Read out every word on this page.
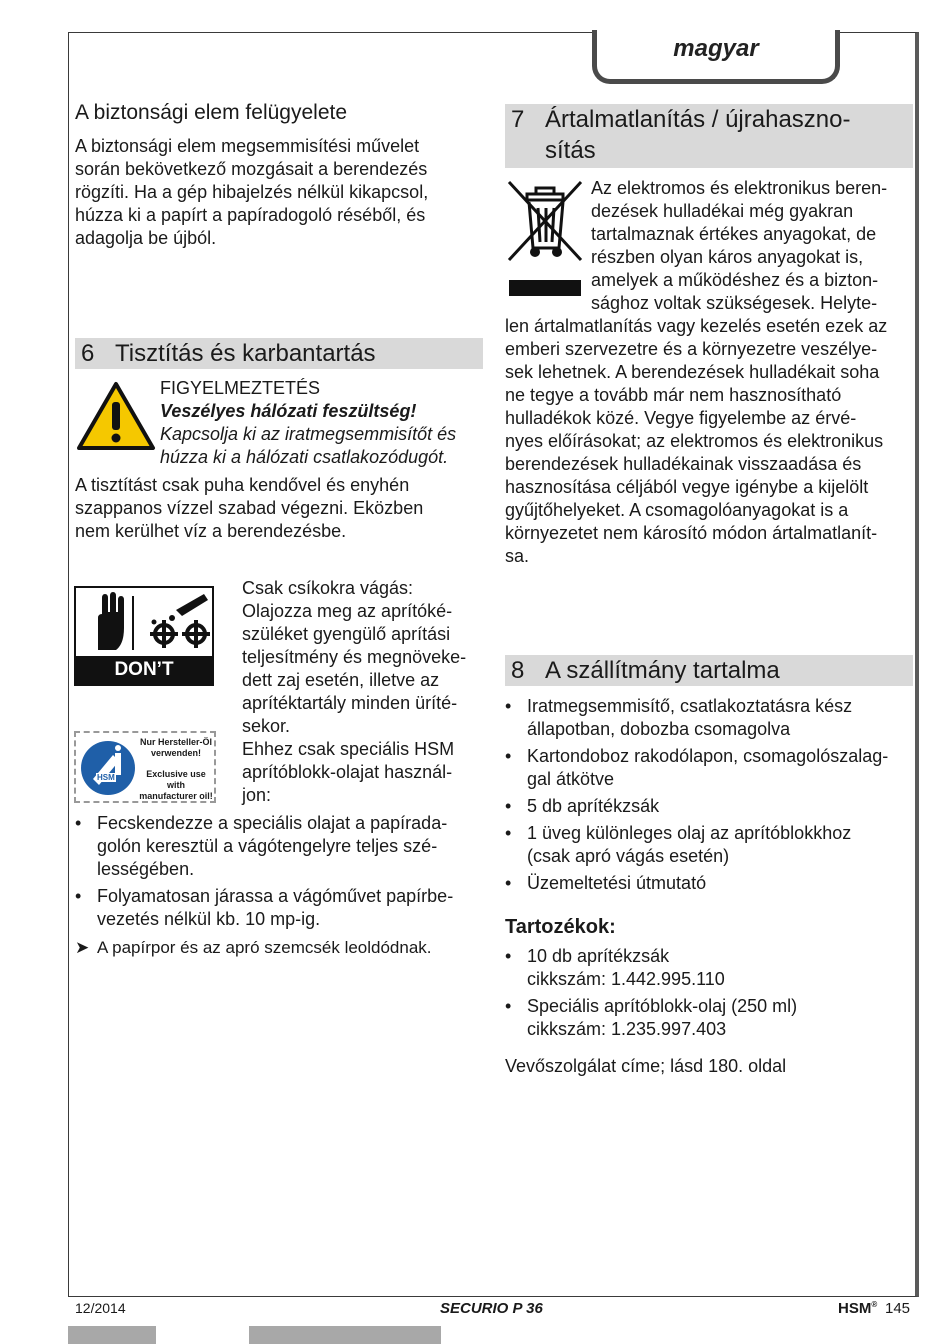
magyar
A biztonsági elem felügyelete
A biztonsági elem megsemmisítési művelet
során bekövetkező mozgásait a berendezés
rögzíti. Ha a gép hibajelzés nélkül kikapcsol,
húzza ki a papírt a papíradogoló réséből, és
adagolja be újból.
6 Tisztítás és karbantartás
FIGYELMEZTETÉS
Veszélyes hálózati feszültség!
Kapcsolja ki az iratmegsemmisítőt és
húzza ki a hálózati csatlakozódugót.
A tisztítást csak puha kendővel és enyhén
szappanos vízzel szabad végezni. Eközben
nem kerülhet víz a berendezésbe.
DON’T FORGET
Nur Hersteller-Öl
verwenden!
Exclusive use with
manufacturer oil!
HSM
Csak csíkokra vágás:
Olajozza meg az aprítóké-
szüléket gyengülő aprítási
teljesítmény és megnöveke-
dett zaj esetén, illetve az
aprítéktartály minden üríté-
sekor.
Ehhez csak speciális HSM
aprítóblokk-olajat használ-
jon:
• Fecskendezze a speciális olajat a papírada-
golón keresztül a vágótengelyre teljes szé-
lességében.
• Folyamatosan járassa a vágóművet papírbe-
vezetés nélkül kb. 10 mp-ig.
➤ A papírpor és az apró szemcsék leoldódnak.
7 Ártalmatlanítás / újrahaszno-
sítás
Az elektromos és elektronikus beren-
dezések hulladékai még gyakran
tartalmaznak értékes anyagokat, de
részben olyan káros anyagokat is,
amelyek a működéshez és a bizton-
sághoz voltak szükségesek. Helyte-
len ártalmatlanítás vagy kezelés esetén ezek az
emberi szervezetre és a környezetre veszélye-
sek lehetnek. A berendezések hulladékait soha
ne tegye a tovább már nem hasznosítható
hulladékok közé. Vegye figyelembe az érvé-
nyes előírásokat; az elektromos és elektronikus
berendezések hulladékainak visszaadása és
hasznosítása céljából vegye igénybe a kijelölt
gyűjtőhelyeket. A csomagolóanyagokat is a
környezetet nem károsító módon ártalmatlanít-
sa.
8 A szállítmány tartalma
• Iratmegsemmisítő, csatlakoztatásra kész
állapotban, dobozba csomagolva
• Kartondoboz rakodólapon, csomagolószalag-
gal átkötve
• 5 db aprítékzsák
• 1 üveg különleges olaj az aprítóblokkhoz
(csak apró vágás esetén)
• Üzemeltetési útmutató
Tartozékok:
• 10 db aprítékzsák
cikkszám: 1.442.995.110
• Speciális aprítóblokk-olaj (250 ml)
cikkszám: 1.235.997.403
Vevőszolgálat címe; lásd 180. oldal
12/2014	SECURIO P 36	HSM® 145
